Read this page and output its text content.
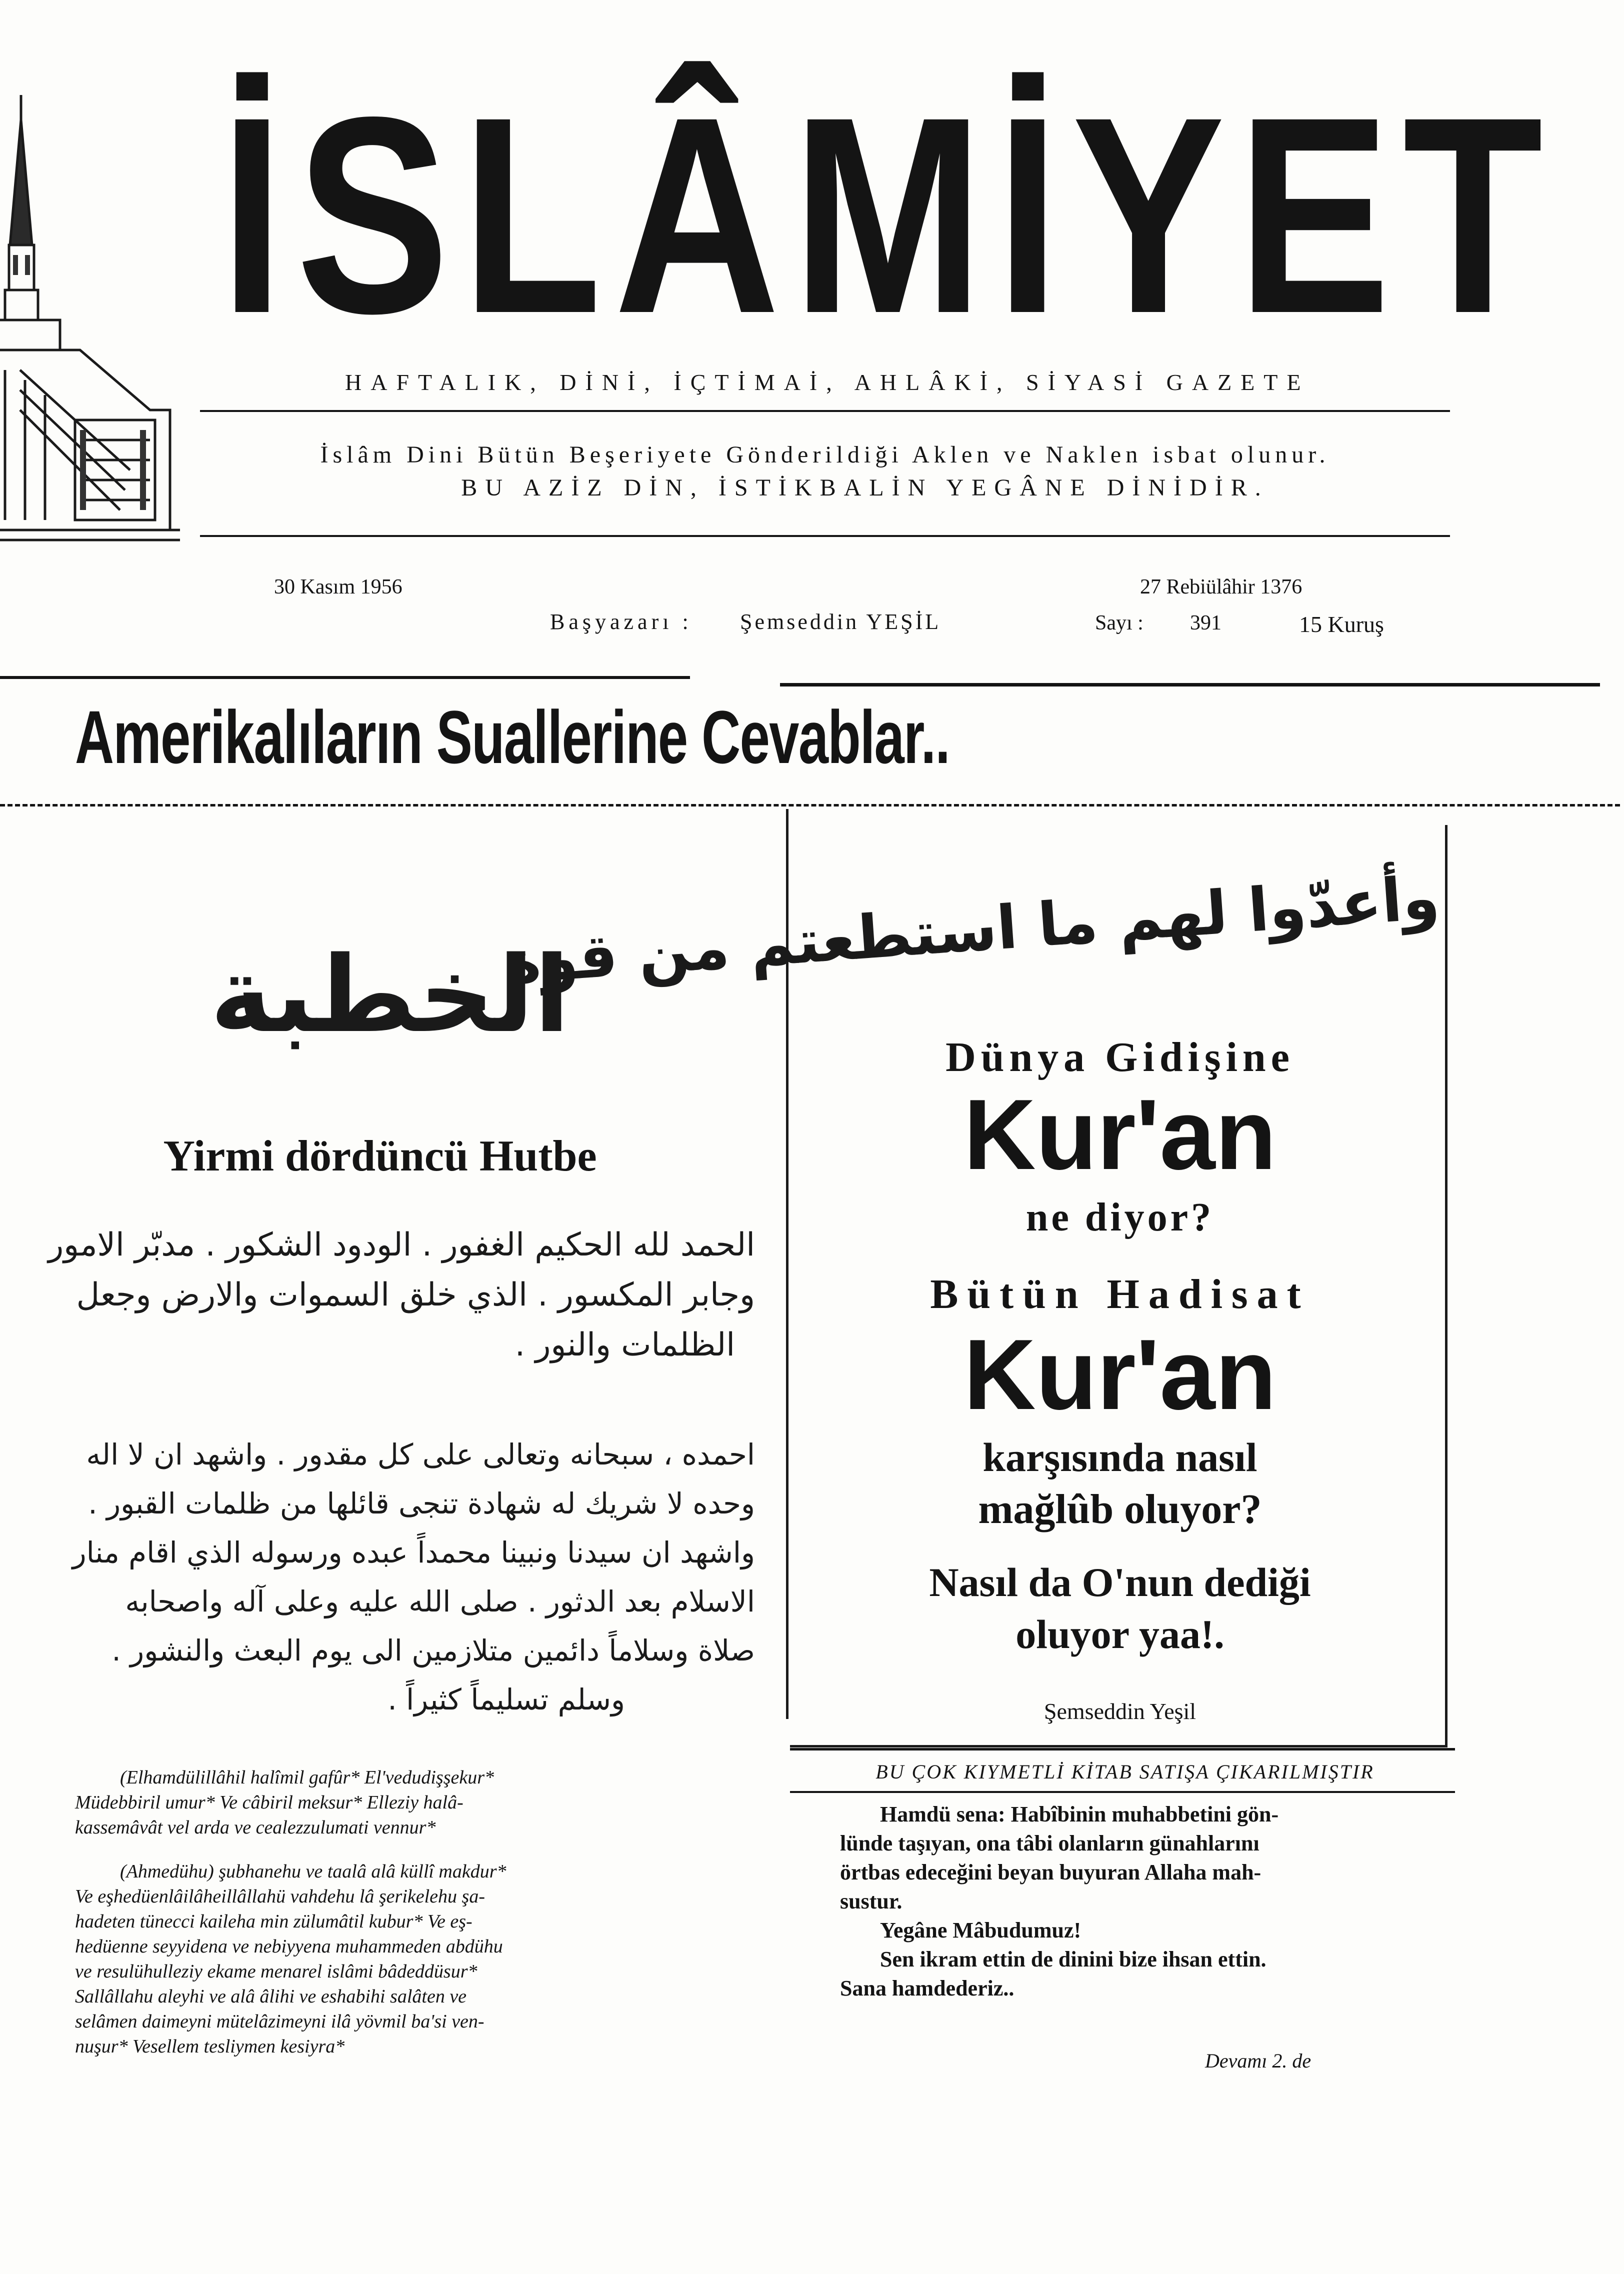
İSLÂMİYET
HAFTALIK, DİNİ, İÇTİMAİ, AHLÂKİ, SİYASİ GAZETE
İslâm Dini Bütün Beşeriyete Gönderildiği Aklen ve Naklen isbat olunur.
BU AZİZ DİN, İSTİKBALİN YEGÂNE DİNİDİR.
30 Kasım 1956	27 Rebiülâhir 1376
Başyazarı : Şemseddin YEŞİL	Sayı : 391	15 Kuruş
Amerikalıların Suallerine Cevablar..
الخطبة
Yirmi dördüncü Hutbe
الحمد لله الحكيم الغفور . الودود الشكور . مدبّر الامور
وجابر المكسور . الذي خلق السموات والارض وجعل
الظلمات والنور .
احمده ، سبحانه وتعالى على كل مقدور . واشهد ان لا اله
وحده لا شريك له شهادة تنجى قائلها من ظلمات القبور .
واشهد ان سيدنا ونبينا محمداً عبده ورسوله الذي اقام منار
الاسلام بعد الدثور . صلى الله عليه وعلى آله واصحابه
صلاة وسلاماً دائمين متلازمين الى يوم البعث والنشور .
وسلم تسليماً كثيراً .
(Elhamdülillâhil halîmil gafûr* El'vedudişşekur*
Müdebbiril umur* Ve câbiril meksur* Elleziy halâ-
kassemâvât vel arda ve cealezzulumati vennur*
(Ahmedühu) şubhanehu ve taalâ alâ küllî makdur*
Ve eşhedüenlâilâheillâllahü vahdehu lâ şerikelehu şa-
hadeten tünecci kaileha min zülumâtil kubur* Ve eş-
hedüenne seyyidena ve nebiyyena muhammeden abdühu
ve resulühulleziy ekame menarel islâmi bâdeddüsur*
Sallâllahu aleyhi ve alâ âlihi ve eshabihi salâten ve
selâmen daimeyni mütelâzimeyni ilâ yövmil ba'si ven-
nuşur* Vesellem tesliymen kesiyra*
وأعدّوا لهم ما استطعتم من قوة
Dünya Gidişine
Kur'an
ne diyor?
Bütün Hadisat
Kur'an
karşısında nasıl
mağlûb oluyor?
Nasıl da O'nun dediği
oluyor yaa!.
Şemseddin Yeşil
BU ÇOK KIYMETLİ KİTAB SATIŞA ÇIKARILMIŞTIR
Hamdü sena: Habîbinin muhabbetini gön-
lünde taşıyan, ona tâbi olanların günahlarını
örtbas edeceğini beyan buyuran Allaha mah-
sustur.
Yegâne Mâbudumuz!
Sen ikram ettin de dinini bize ihsan ettin.
Sana hamdederiz..
Devamı 2. de
